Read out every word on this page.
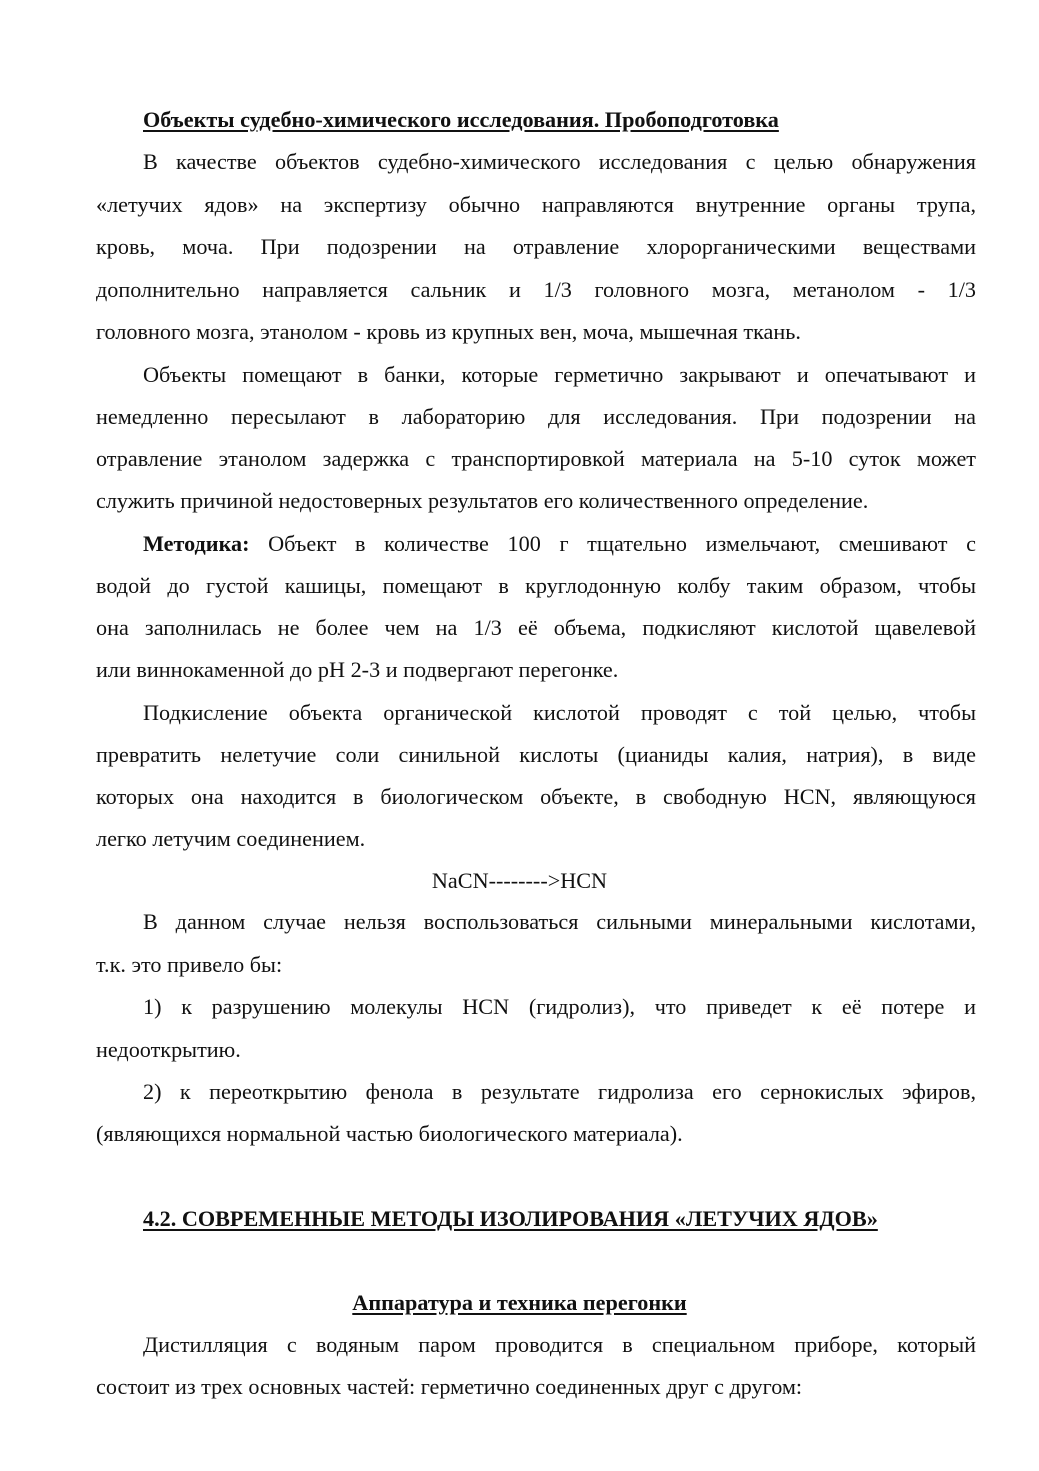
Объекты судебно-химического исследования. Пробоподготовка
В качестве объектов судебно-химического исследования с целью обнаружения
«летучих ядов» на экспертизу обычно направляются внутренние органы трупа,
кровь, моча. При подозрении на отравление хлорорганическими веществами
дополнительно направляется сальник и 1/3 головного мозга, метанолом - 1/3
головного мозга, этанолом - кровь из крупных вен, моча, мышечная ткань.
Объекты помещают в банки, которые герметично закрывают и опечатывают и
немедленно пересылают в лабораторию для исследования. При подозрении на
отравление этанолом задержка с транспортировкой материала на 5-10 суток может
служить причиной недостоверных результатов его количественного определение.
Методика: Объект в количестве 100 г тщательно измельчают, смешивают с
водой до густой кашицы, помещают в круглодонную колбу таким образом, чтобы
она заполнилась не более чем на 1/3 её объема, подкисляют кислотой щавелевой
или виннокаменной до pH 2-3 и подвергают перегонке.
Подкисление объекта органической кислотой проводят с той целью, чтобы
превратить нелетучие соли синильной кислоты (цианиды калия, натрия), в виде
которых она находится в биологическом объекте, в свободную HCN, являющуюся
легко летучим соединением.
NaCN-------->HCN
В данном случае нельзя воспользоваться сильными минеральными кислотами,
т.к. это привело бы:
1) к разрушению молекулы HCN (гидролиз), что приведет к её потере и
недооткрытию.
2) к переоткрытию фенола в результате гидролиза его сернокислых эфиров,
(являющихся нормальной частью биологического материала).
4.2. СОВРЕМЕННЫЕ МЕТОДЫ ИЗОЛИРОВАНИЯ «ЛЕТУЧИХ ЯДОВ»
Аппаратура и техника перегонки
Дистилляция с водяным паром проводится в специальном приборе, который
состоит из трех основных частей: герметично соединенных друг с другом:
